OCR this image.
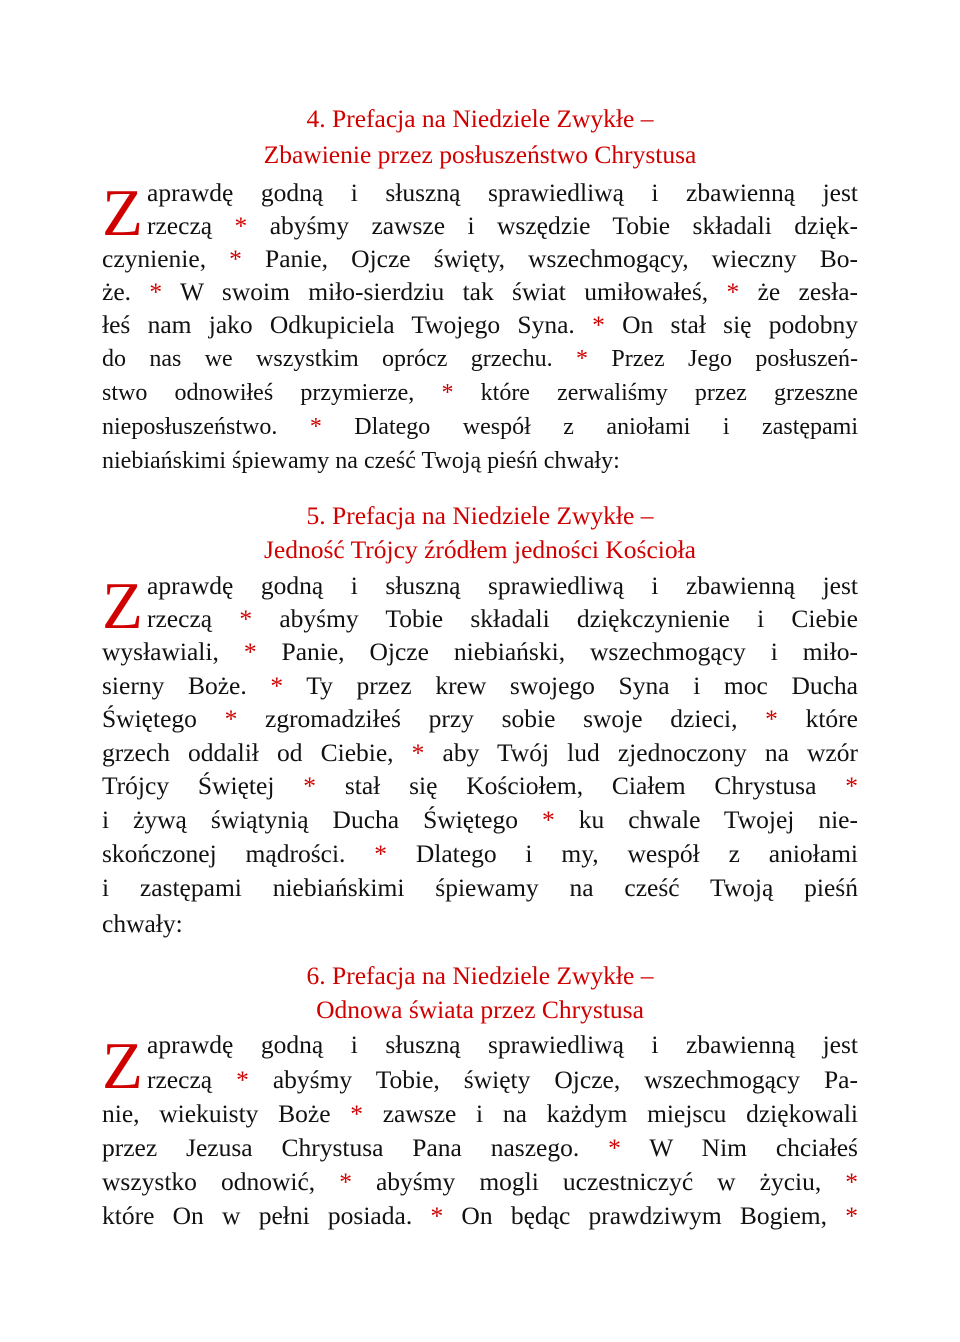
4. Prefacja na Niedziele Zwykłe –
Zbawienie przez posłuszeństwo Chrystusa
Z aprawdę godną i słuszną sprawiedliwą i zbawienną jest
rzeczą * abyśmy zawsze i wszędzie Tobie składali dzięk-
czynienie, * Panie, Ojcze święty, wszechmogący, wieczny Bo-
że. * W swoim miło-sierdziu tak świat umiłowałeś, * że zesła-
łeś nam jako Odkupiciela Twojego Syna. * On stał się podobny
do nas we wszystkim oprócz grzechu. * Przez Jego posłuszeń-
stwo odnowiłeś przymierze, * które zerwaliśmy przez grzeszne
nieposłuszeństwo. * Dlatego wespół z aniołami i zastępami
niebiańskimi śpiewamy na cześć Twoją pieśń chwały:
5. Prefacja na Niedziele Zwykłe –
Jedność Trójcy źródłem jedności Kościoła
Z aprawdę godną i słuszną sprawiedliwą i zbawienną jest
rzeczą * abyśmy Tobie składali dziękczynienie i Ciebie
wysławiali, * Panie, Ojcze niebiański, wszechmogący i miło-
sierny Boże. * Ty przez krew swojego Syna i moc Ducha
Świętego * zgromadziłeś przy sobie swoje dzieci, * które
grzech oddalił od Ciebie, * aby Twój lud zjednoczony na wzór
Trójcy Świętej * stał się Kościołem, Ciałem Chrystusa *
i żywą świątynią Ducha Świętego * ku chwale Twojej nie-
skończonej mądrości. * Dlatego i my, wespół z aniołami
i zastępami niebiańskimi śpiewamy na cześć Twoją pieśń
chwały:
6. Prefacja na Niedziele Zwykłe –
Odnowa świata przez Chrystusa
Z aprawdę godną i słuszną sprawiedliwą i zbawienną jest
rzeczą * abyśmy Tobie, święty Ojcze, wszechmogący Pa-
nie, wiekuisty Boże * zawsze i na każdym miejscu dziękowali
przez Jezusa Chrystusa Pana naszego. * W Nim chciałeś
wszystko odnowić, * abyśmy mogli uczestniczyć w życiu, *
które On w pełni posiada. * On będąc prawdziwym Bogiem, *
